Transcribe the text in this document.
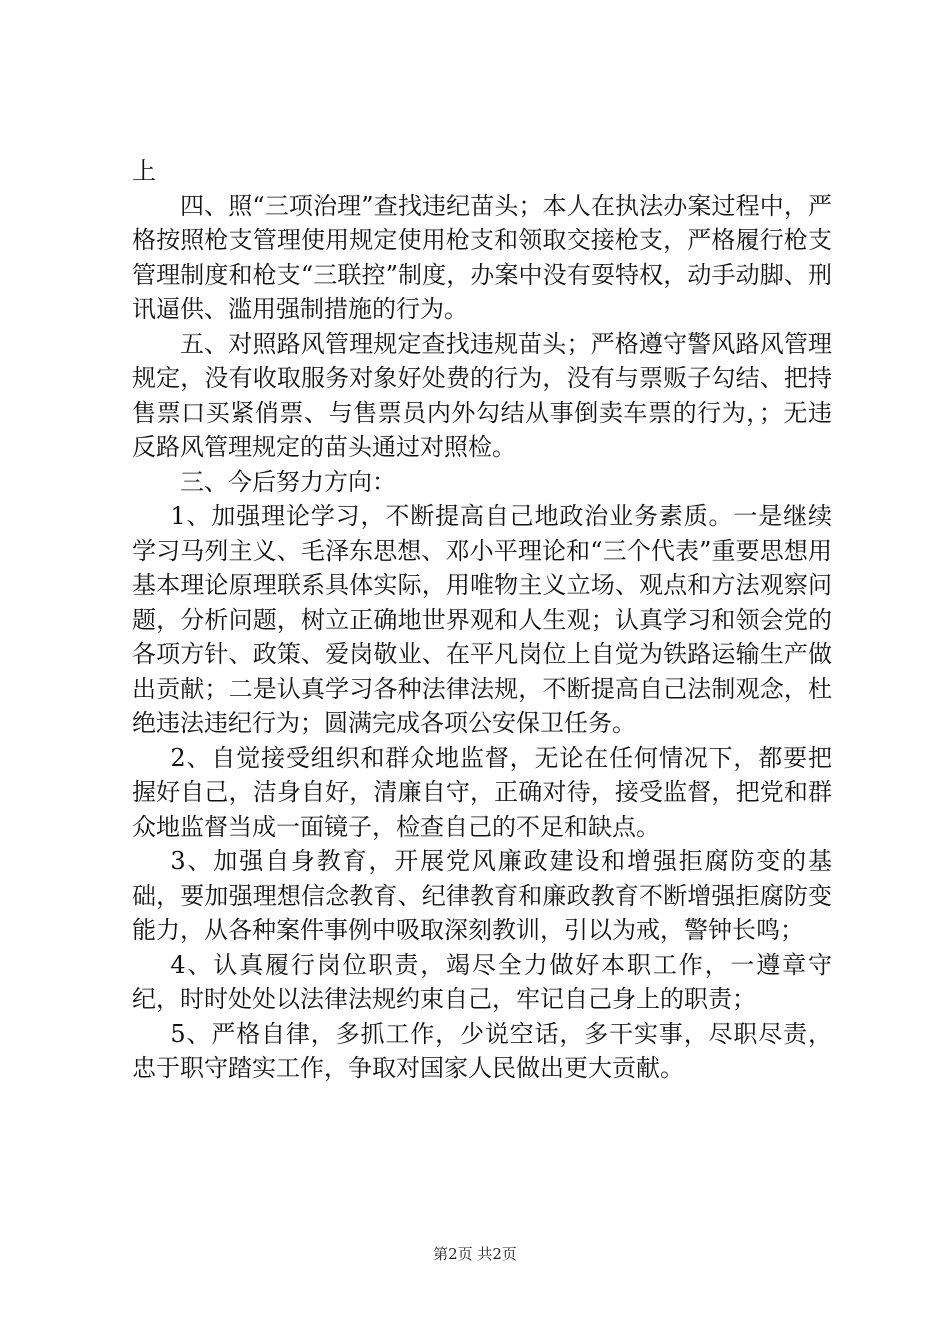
上

四、照“三项治理”查找违纪苗头；本人在执法办案过程中，严格按照枪支管理使用规定使用枪支和领取交接枪支，严格履行枪支管理制度和枪支“三联控”制度，办案中没有耍特权，动手动脚、刑讯逼供、滥用强制措施的行为。

五、对照路风管理规定查找违规苗头；严格遵守警风路风管理规定，没有收取服务对象好处费的行为，没有与票贩子勾结、把持售票口买紧俏票、与售票员内外勾结从事倒卖车票的行为，；无违反路风管理规定的苗头通过对照检。

三、今后努力方向：

1、加强理论学习，不断提高自己地政治业务素质。一是继续学习马列主义、毛泽东思想、邓小平理论和“三个代表”重要思想用基本理论原理联系具体实际，用唯物主义立场、观点和方法观察问题，分析问题，树立正确地世界观和人生观；认真学习和领会党的各项方针、政策、爱岗敬业、在平凡岗位上自觉为铁路运输生产做出贡献；二是认真学习各种法律法规，不断提高自己法制观念，杜绝违法违纪行为；圆满完成各项公安保卫任务。

2、自觉接受组织和群众地监督，无论在任何情况下，都要把握好自己，洁身自好，清廉自守，正确对待，接受监督，把党和群众地监督当成一面镜子，检查自己的不足和缺点。

3、加强自身教育，开展党风廉政建设和增强拒腐防变的基础，要加强理想信念教育、纪律教育和廉政教育不断增强拒腐防变能力，从各种案件事例中吸取深刻教训，引以为戒，警钟长鸣；

4、认真履行岗位职责，竭尽全力做好本职工作，一遵章守纪，时时处处以法律法规约束自己，牢记自己身上的职责；

5、严格自律，多抓工作，少说空话，多干实事，尽职尽责，忠于职守踏实工作，争取对国家人民做出更大贡献。

第2页 共2页
